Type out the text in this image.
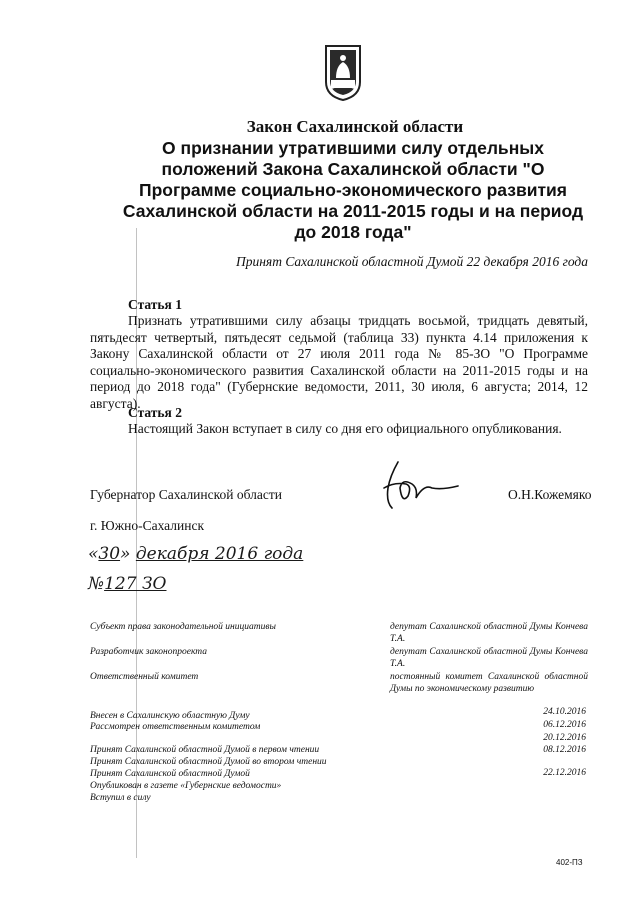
Закон Сахалинской области
О признании утратившими силу отдельных положений Закона Сахалинской области "О Программе социально-экономического развития Сахалинской области на 2011-2015 годы и на период до 2018 года"
Принят Сахалинской областной Думой 22 декабря 2016 года
Статья 1
Признать утратившими силу абзацы тридцать восьмой, тридцать девятый, пятьдесят четвертый, пятьдесят седьмой (таблица 33) пункта 4.14 приложения к Закону Сахалинской области от 27 июля 2011 года № 85-ЗО "О Программе социально-экономического развития Сахалинской области на 2011-2015 годы и на период до 2018 года" (Губернские ведомости, 2011, 30 июля, 6 августа; 2014, 12 августа).
Статья 2
Настоящий Закон вступает в силу со дня его официального опубликования.
Губернатор Сахалинской области	О.Н.Кожемяко
г. Южно-Сахалинск
«30» декабря 2016 года
№127 ЗО
Субъект права законодательной инициативы	депутат Сахалинской областной Думы Кончева Т.А.
Разработчик законопроекта	депутат Сахалинской областной Думы Кончева Т.А.
Ответственный комитет	постоянный комитет Сахалинской областной Думы по экономическому развитию
Внесен в Сахалинскую областную Думу	24.10.2016
Рассмотрен ответственным комитетом	06.12.2016
20.12.2016
Принят Сахалинской областной Думой в первом чтении	08.12.2016
Принят Сахалинской областной Думой во втором чтении
Принят Сахалинской областной Думой	22.12.2016
Опубликован в газете «Губернские ведомости»
Вступил в силу
402-ПЗ
